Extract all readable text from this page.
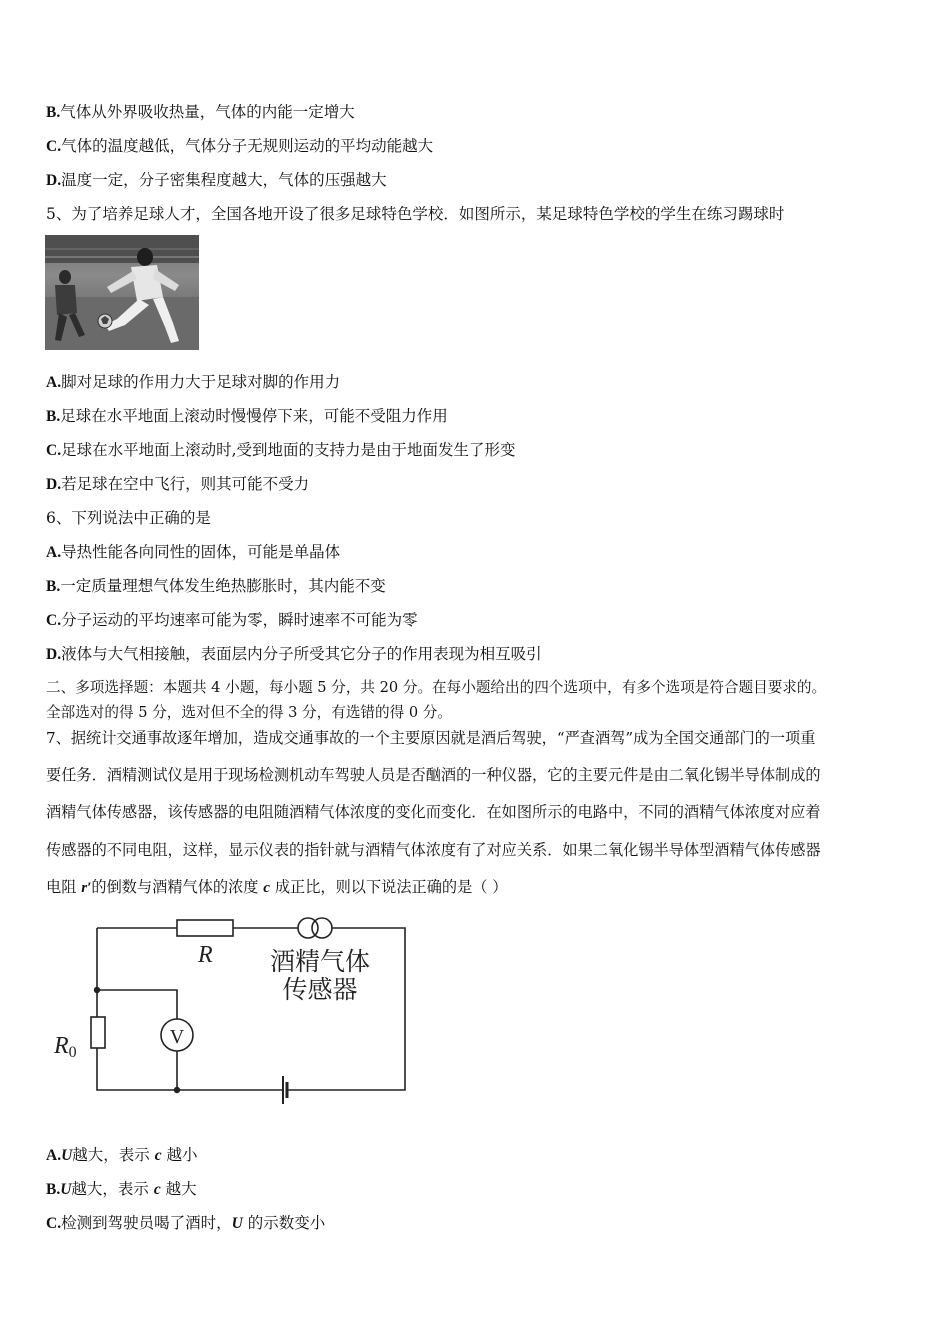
B.气体从外界吸收热量，气体的内能一定增大
C.气体的温度越低，气体分子无规则运动的平均动能越大
D.温度一定，分子密集程度越大，气体的压强越大
5、为了培养足球人才，全国各地开设了很多足球特色学校．如图所示，某足球特色学校的学生在练习踢球时
A.脚对足球的作用力大于足球对脚的作用力
B.足球在水平地面上滚动时慢慢停下来，可能不受阻力作用
C.足球在水平地面上滚动时,受到地面的支持力是由于地面发生了形变
D.若足球在空中飞行，则其可能不受力
6、下列说法中正确的是
A.导热性能各向同性的固体，可能是单晶体
B.一定质量理想气体发生绝热膨胀时，其内能不变
C.分子运动的平均速率可能为零，瞬时速率不可能为零
D.液体与大气相接触，表面层内分子所受其它分子的作用表现为相互吸引
二、多项选择题：本题共 4 小题，每小题 5 分，共 20 分。在每小题给出的四个选项中，有多个选项是符合题目要求的。
全部选对的得 5 分，选对但不全的得 3 分，有选错的得 0 分。
7、据统计交通事故逐年增加，造成交通事故的一个主要原因就是酒后驾驶，“严查酒驾”成为全国交通部门的一项重
要任务．酒精测试仪是用于现场检测机动车驾驶人员是否酗酒的一种仪器，它的主要元件是由二氧化锡半导体制成的
酒精气体传感器，该传感器的电阻随酒精气体浓度的变化而变化．在如图所示的电路中，不同的酒精气体浓度对应着
传感器的不同电阻，这样，显示仪表的指针就与酒精气体浓度有了对应关系．如果二氧化锡半导体型酒精气体传感器
电阻 r′的倒数与酒精气体的浓度 c 成正比，则以下说法正确的是（ ）
R
R0
V
酒精气体
传感器
A.U越大，表示 c 越小
B.U越大，表示 c 越大
C.检测到驾驶员喝了酒时，U 的示数变小
